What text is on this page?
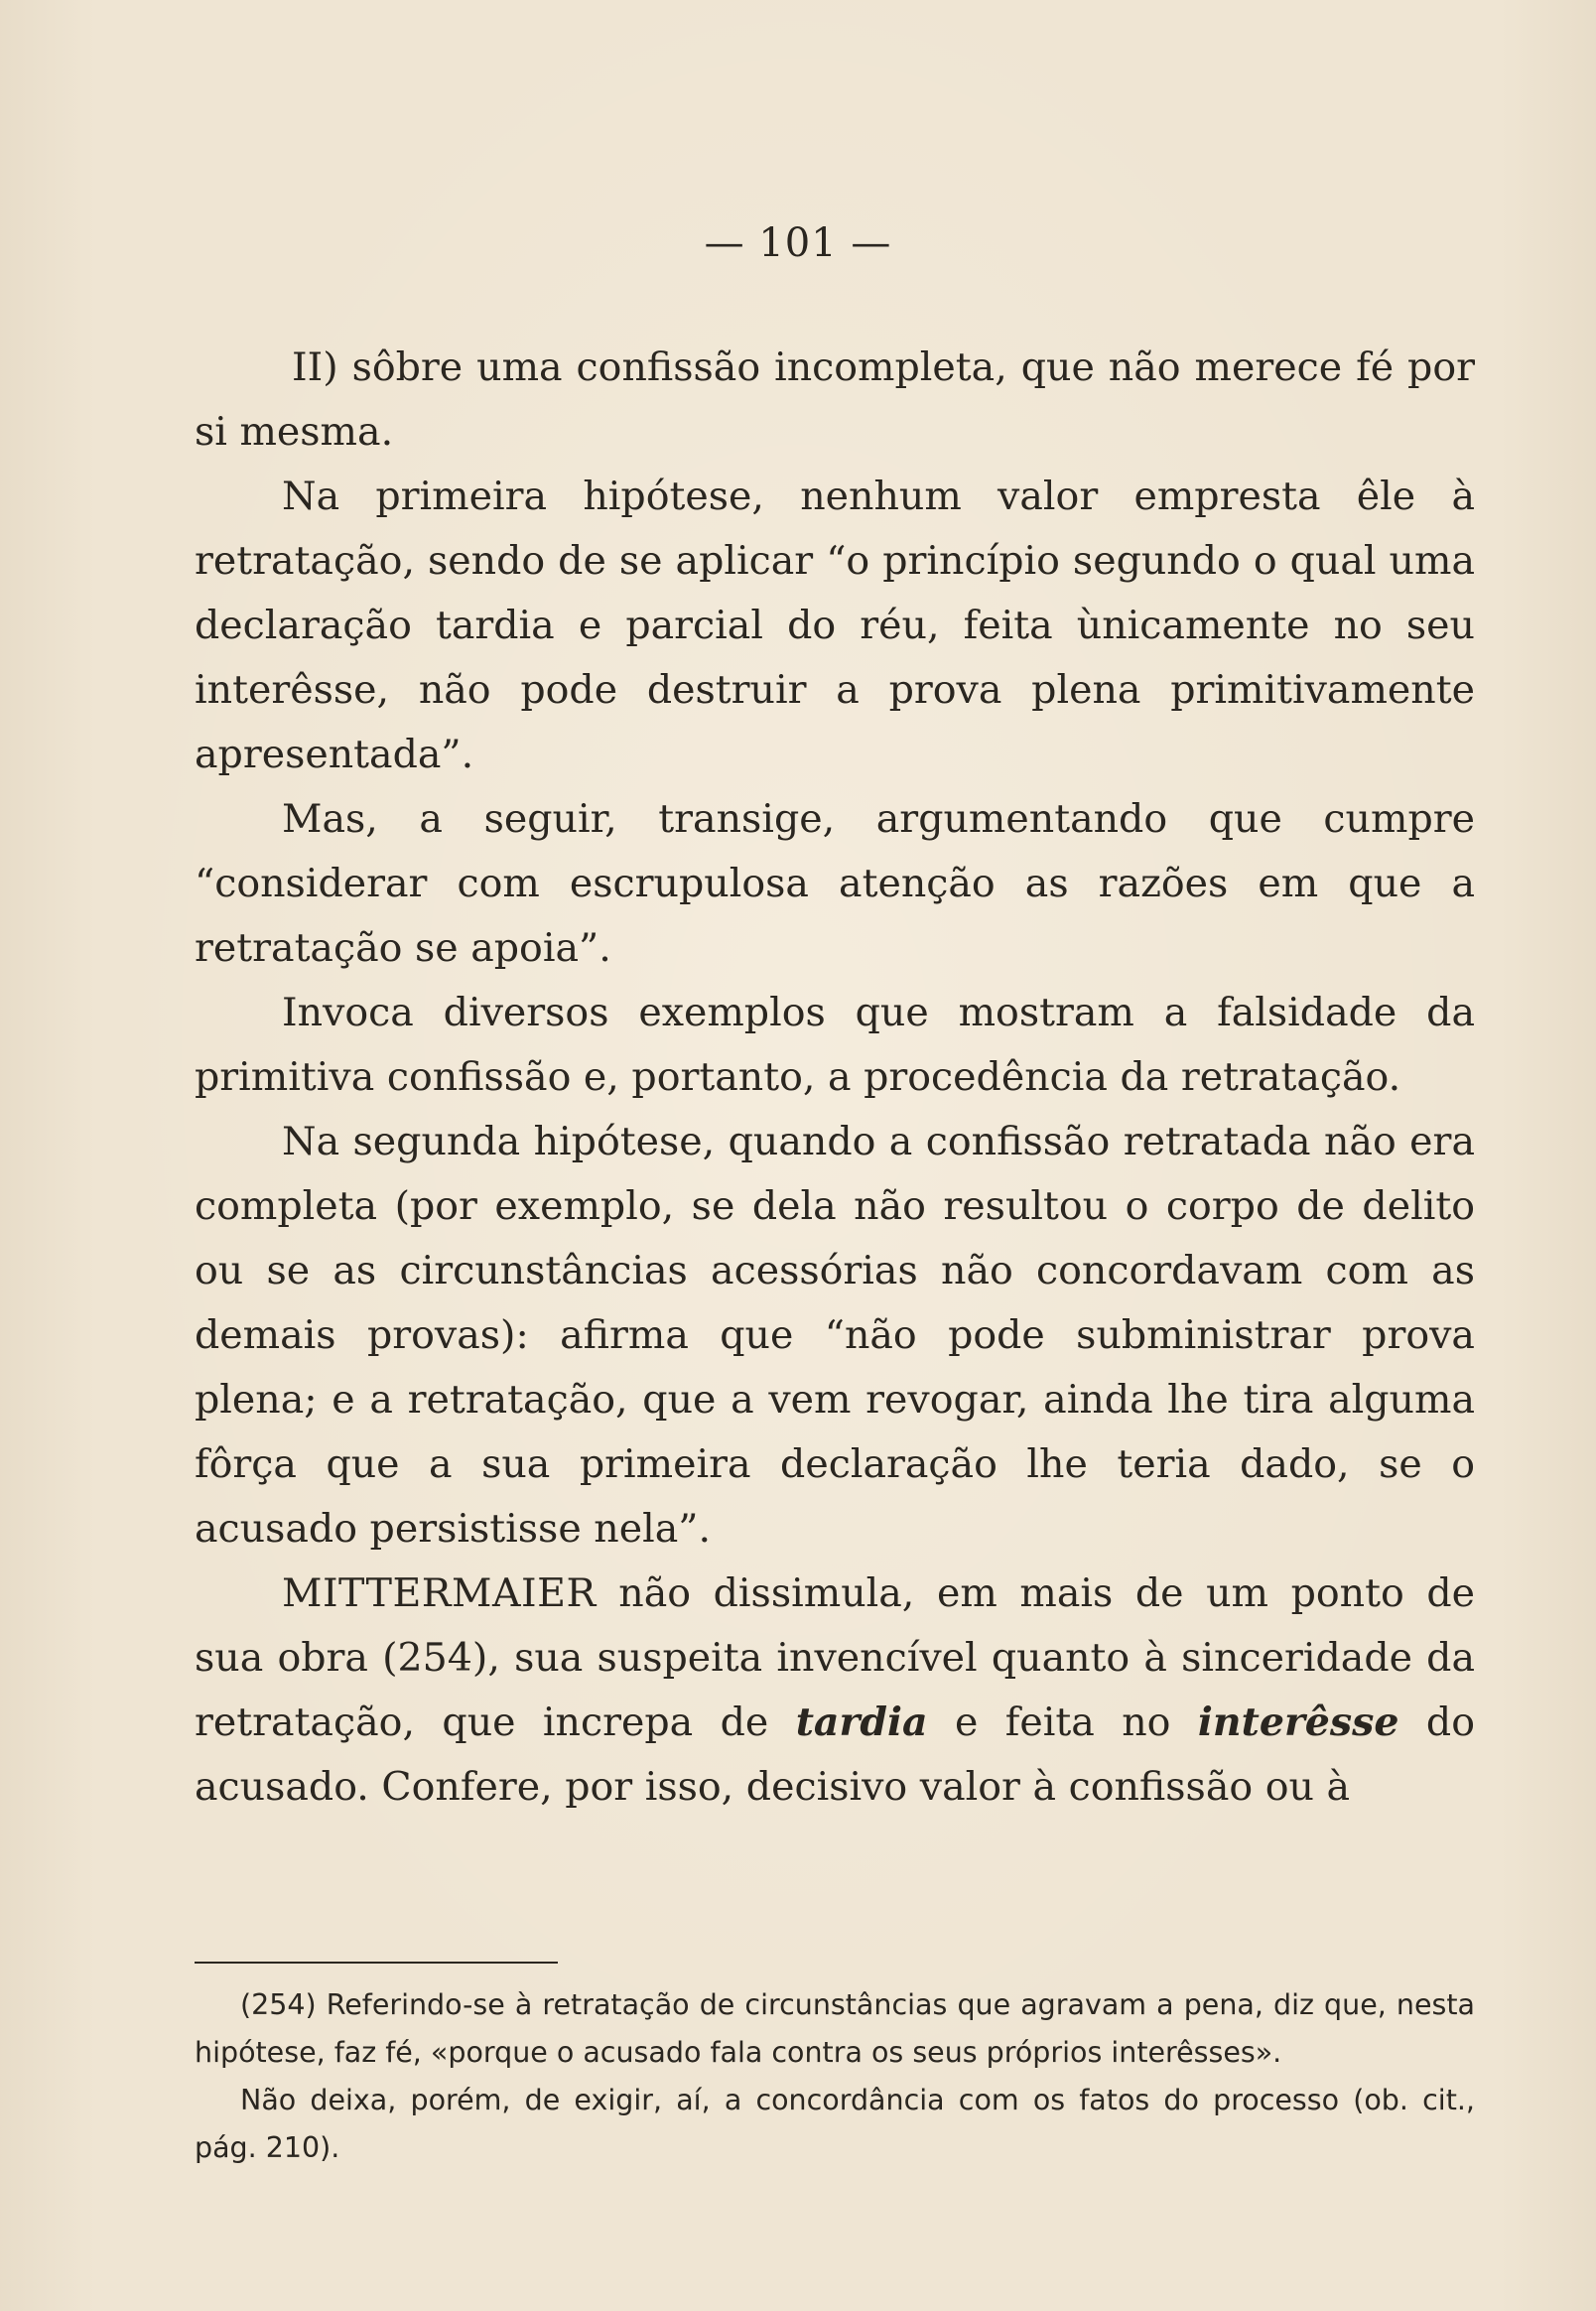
— 101 —

II) sôbre uma confissão incompleta, que não merece fé por si mesma.

Na primeira hipótese, nenhum valor empresta êle à retratação, sendo de se aplicar “o princípio segundo o qual uma declaração tardia e parcial do réu, feita ùnicamente no seu interêsse, não pode destruir a prova plena primitivamente apresentada”.

Mas, a seguir, transige, argumentando que cumpre “considerar com escrupulosa atenção as razões em que a retratação se apoia”.

Invoca diversos exemplos que mostram a falsidade da primitiva confissão e, portanto, a procedência da retratação.

Na segunda hipótese, quando a confissão retratada não era completa (por exemplo, se dela não resultou o corpo de delito ou se as circunstâncias acessórias não concordavam com as demais provas): afirma que “não pode subministrar prova plena; e a retratação, que a vem revogar, ainda lhe tira alguma fôrça que a sua primeira declaração lhe teria dado, se o acusado persistisse nela”.

MITTERMAIER não dissimula, em mais de um ponto de sua obra (254), sua suspeita invencível quanto à sinceridade da retratação, que increpa de tardia e feita no interêsse do acusado. Confere, por isso, decisivo valor à confissão ou à

(254) Referindo-se à retratação de circunstâncias que agravam a pena, diz que, nesta hipótese, faz fé, «porque o acusado fala contra os seus próprios interêsses».

Não deixa, porém, de exigir, aí, a concordância com os fatos do processo (ob. cit., pág. 210).
